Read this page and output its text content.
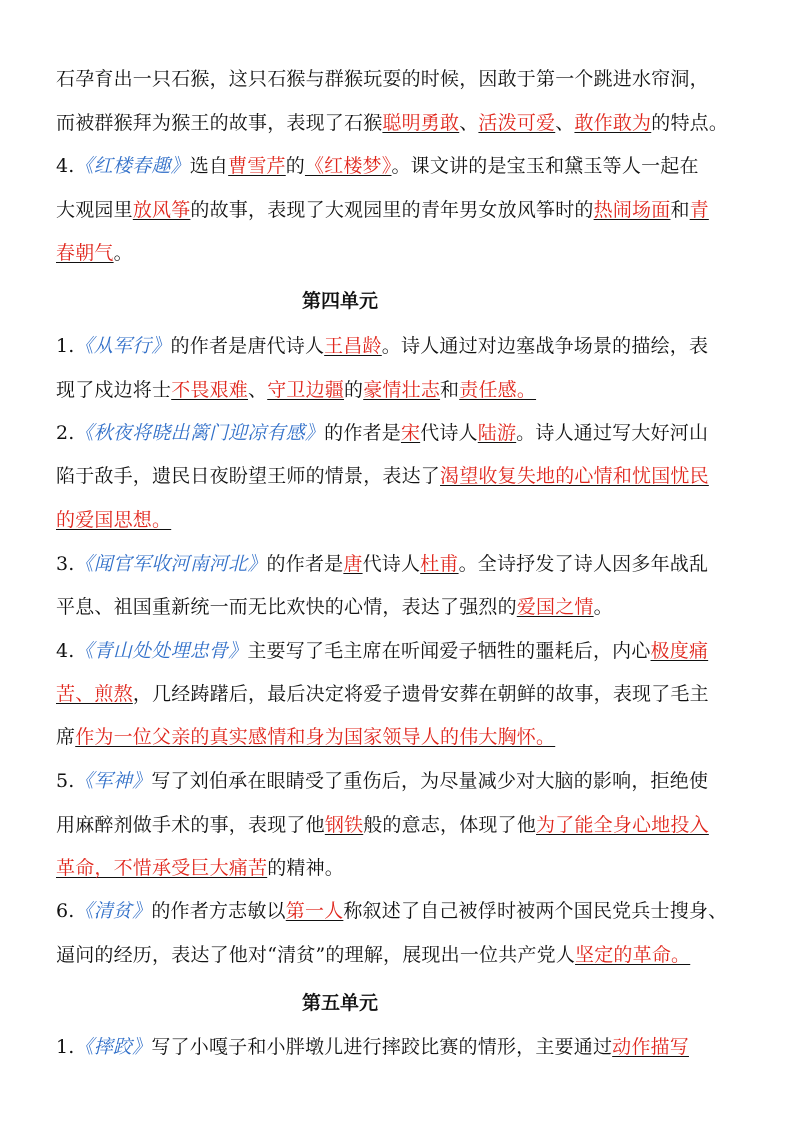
石孕育出一只石猴，这只石猴与群猴玩耍的时候，因敢于第一个跳进水帘洞，
而被群猴拜为猴王的故事，表现了石猴聪明勇敢、活泼可爱、敢作敢为的特点。
4.《红楼春趣》选自曹雪芹的《红楼梦》。课文讲的是宝玉和黛玉等人一起在
大观园里放风筝的故事，表现了大观园里的青年男女放风筝时的热闹场面和青
春朝气。
第四单元
1.《从军行》的作者是唐代诗人王昌龄。诗人通过对边塞战争场景的描绘，表
现了戍边将士不畏艰难、守卫边疆的豪情壮志和责任感。
2.《秋夜将晓出篱门迎凉有感》的作者是宋代诗人陆游。诗人通过写大好河山
陷于敌手，遗民日夜盼望王师的情景，表达了渴望收复失地的心情和忧国忧民
的爱国思想。
3.《闻官军收河南河北》的作者是唐代诗人杜甫。全诗抒发了诗人因多年战乱
平息、祖国重新统一而无比欢快的心情，表达了强烈的爱国之情。
4.《青山处处埋忠骨》主要写了毛主席在听闻爱子牺牲的噩耗后，内心极度痛
苦、煎熬，几经踌躇后，最后决定将爱子遗骨安葬在朝鲜的故事，表现了毛主
席作为一位父亲的真实感情和身为国家领导人的伟大胸怀。
5.《军神》写了刘伯承在眼睛受了重伤后，为尽量减少对大脑的影响，拒绝使
用麻醉剂做手术的事，表现了他钢铁般的意志，体现了他为了能全身心地投入
革命，不惜承受巨大痛苦的精神。
6.《清贫》的作者方志敏以第一人称叙述了自己被俘时被两个国民党兵士搜身、
逼问的经历，表达了他对“清贫”的理解，展现出一位共产党人坚定的革命。
第五单元
1.《摔跤》写了小嘎子和小胖墩儿进行摔跤比赛的情形，主要通过动作描写
